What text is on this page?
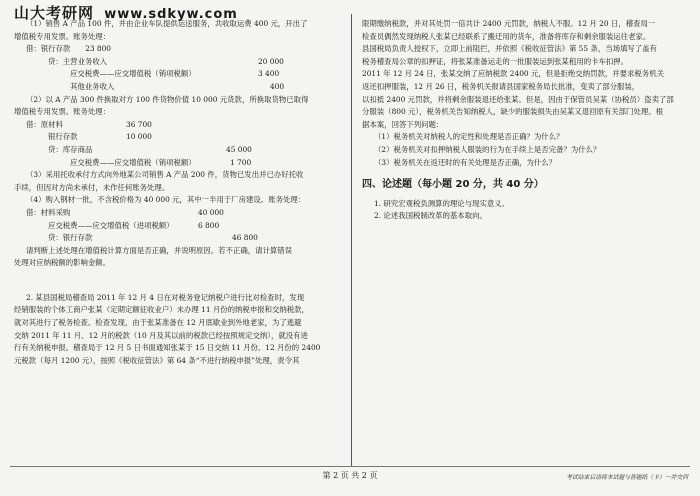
山大考研网 www.sdkyw.com
（1）销售 A 产品 100 件，并由企业车队提供运送服务，共收取运费 400 元，开出了
增值税专用发票。账务处理：
借：银行存款　　23 800
贷：主营业务收入	20 000
应交税费——应交增值税（销项税额）	3 400
其他业务收入	400
（2）以 A 产品 300 件换取对方 100 件货物价值 10 000 元货款，所换取货物已取得
增值税专用发票。账务处理：
借：原材料	36 700
银行存款	10 000
贷：库存商品	45 000
应交税费——应交增值税（销项税额）	1 700
（3）采用托收承付方式向外地某公司销售 A 产品 200 件，货物已发出并已办好托收
手续，但因对方尚未承付，未作任何账务处理。
（4）购入钢材一批，不含税价格为 40 000 元，其中一半用于厂房建设。账务处理：
借：材料采购	40 000
应交税费——应交增值税（进项税额）	6 800
贷：银行存款	46 800
请判断上述处理在增值税计算方面是否正确，并说明原因。若不正确，请计算错误
处理对应纳税额的影响金额。
2. 某县国税局稽查局 2011 年 12 月 4 日在对税务登记纳税户进行比对检查时，发现
经销服装的个体工商户张某（定期定额征收业户）未办理 11 月份的纳税申报和交纳税款，
就对其进行了税务检查。检查发现，由于张某准备在 12 月底歇业到外地老家，为了逃避
交纳 2011 年 11 月、12 月的税款（10 月及其以前的税款已经按照规定交纳），就没有进
行有关纳税申报。稽查局于 12 月 5 日书面通知张某于 15 日交纳 11 月份、12 月份的 2400
元税款（每月 1200 元），按照《税收征管法》第 64 条“不进行纳税申报”处理，责令其
限期缴纳税款，并对其处罚一倍共计 2400 元罚款，纳税人不服。12 月 20 日，稽查局一
检查员偶然发现纳税人张某已经联系了搬迁用的货车，准备将库存和剩余服装运往老家。
县国税局负责人授权下，立即上前阻拦，并依照《税收征管法》第 55 条，当场填写了盖有
税务稽查局公章的扣押证，将张某准备运走的一批服装运到张某租用的卡车扣押。
2011 年 12 月 24 日，张某交纳了应纳税款 2400 元，但是拒绝交纳罚款，并要求税务机关
返还扣押服装，12 月 26 日，税务机关报请县国家税务局长批准，变卖了部分服装，
以扣抵 2400 元罚款，并将剩余服装退还给张某。但是，因由于保管员吴某（协税员）盗卖了部
分服装（800 元），税务机关告知纳税人，缺少的服装损失由吴某又退回原有关部门处理。根
据本案，回答下列问题：
（1）税务机关对纳税人的定性和处理是否正确？为什么？
（2）税务机关对扣押纳税人服装的行为在手续上是否完备？为什么？
（3）税务机关在返还时的有关处理是否正确，为什么？
四、论述题（每小题 20 分，共 40 分）
1. 研究宏观税负测算的理论与现实意义。
2. 论述我国税制改革的基本取向。
第 2 页 共 2 页	考试结束后请将本试题与答题纸（卡）一并交回
